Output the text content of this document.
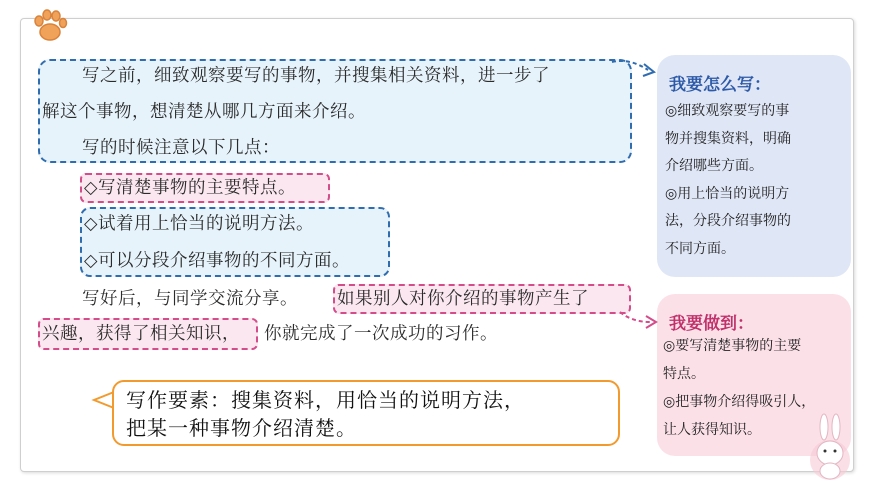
写之前，细致观察要写的事物，并搜集相关资料，进一步了
解这个事物，想清楚从哪几方面来介绍。
写的时候注意以下几点：
◇写清楚事物的主要特点。
◇试着用上恰当的说明方法。
◇可以分段介绍事物的不同方面。
写好后，与同学交流分享。 如果别人对你介绍的事物产生了
兴趣，获得了相关知识， 你就完成了一次成功的习作。
我要怎么写：
◎细致观察要写的事
物并搜集资料，明确
介绍哪些方面。
◎用上恰当的说明方
法，分段介绍事物的
不同方面。
我要做到：
◎要写清楚事物的主要
特点。
◎把事物介绍得吸引人，
让人获得知识。
写作要素：搜集资料，用恰当的说明方法，
把某一种事物介绍清楚。
